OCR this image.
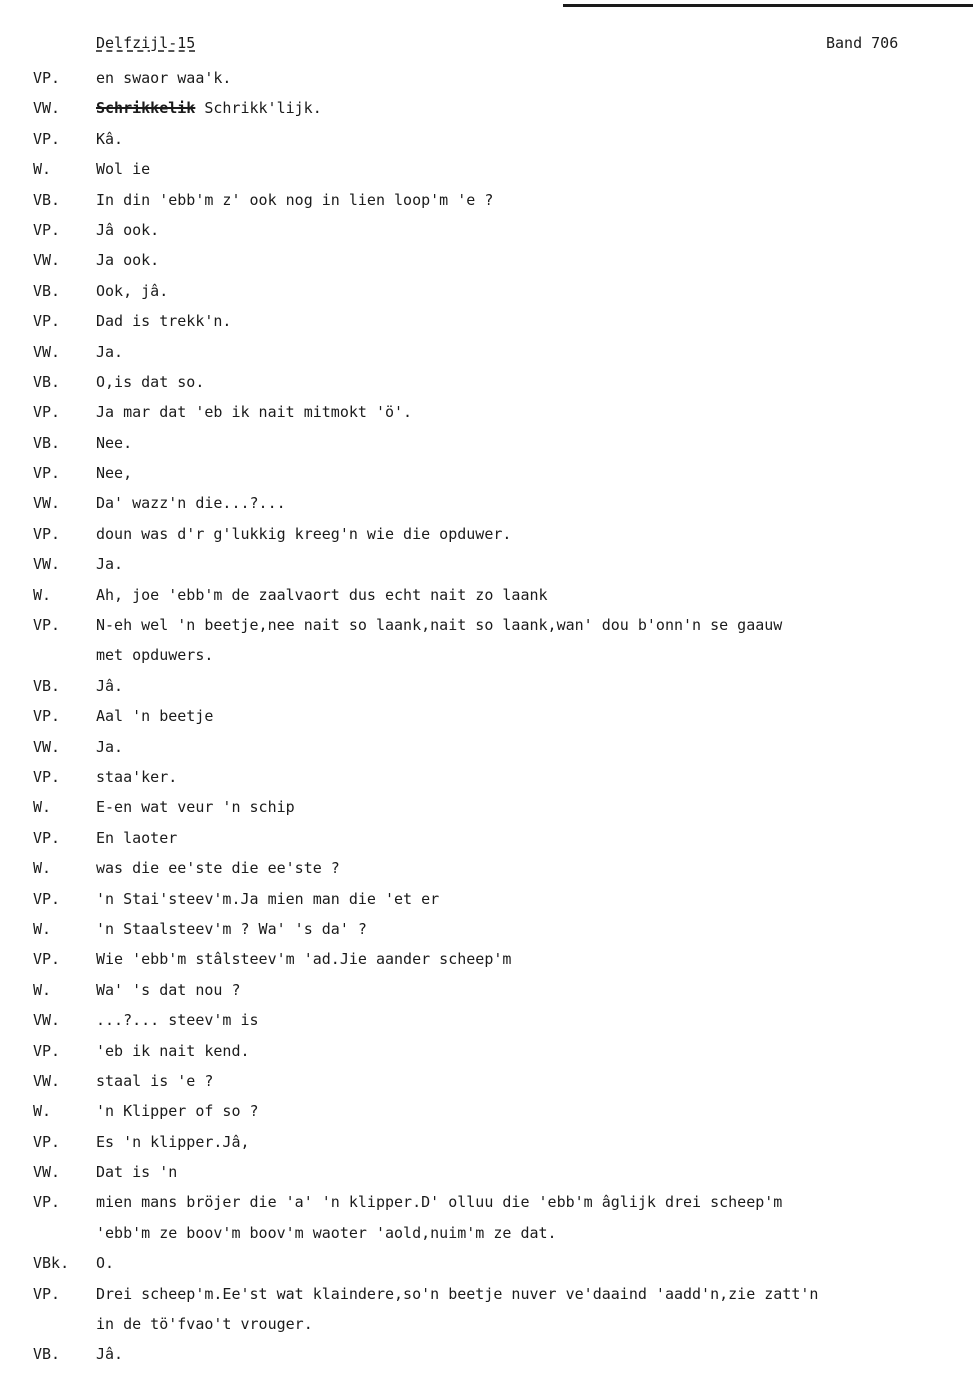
Delfzijl-15	Band 706
VP. en swaor waa'k.
VW. Schrikkelik Schrikk'lijk.
VP. Kâ.
W.	Wol ie
VB. In din 'ebb'm z' ook nog in lien loop'm 'e ?
VP. Jâ ook.
VW. Ja ook.
VB. Ook, jâ.
VP. Dad is trekk'n.
VW. Ja.
VB. O,is dat so.
VP. Ja mar dat 'eb ik nait mitmokt 'ö'.
VB. Nee.
VP. Nee,
VW. Da' wazz'n die...?...
VP. doun was d'r g'lukkig kreeg'n wie die opduwer.
VW. Ja.
W.	Ah, joe 'ebb'm de zaalvaort dus echt nait zo laank
VP. N-eh wel 'n beetje,nee nait so laank,nait so laank,wan' dou b'onn'n se gaauw
met opduwers.
VB. Jâ.
VP. Aal 'n beetje
VW. Ja.
VP. staa'ker.
W.	E-en wat veur 'n schip
VP. En laoter
W.	was die ee'ste die ee'ste ?
VP. 'n Stai'steev'm.Ja mien man die 'et er
W.	'n Staalsteev'm ? Wa' 's da' ?
VP. Wie 'ebb'm stâlsteev'm 'ad.Jie aander scheep'm
W.	Wa' 's dat nou ?
VW. ...?... steev'm is
VP. 'eb ik nait kend.
VW. staal is 'e ?
W.	'n Klipper of so ?
VP. Es 'n klipper.Jâ,
VW. Dat is 'n
VP. mien mans bröjer die 'a' 'n klipper.D' olluu die 'ebb'm âglijk drei scheep'm
'ebb'm ze boov'm boov'm waoter 'aold,nuim'm ze dat.
VBk. O.
VP. Drei scheep'm.Ee'st wat klaindere,so'n beetje nuver ve'daaind 'aadd'n,zie zatt'n
in de tö'fvao't vrouger.
VB. Jâ.
